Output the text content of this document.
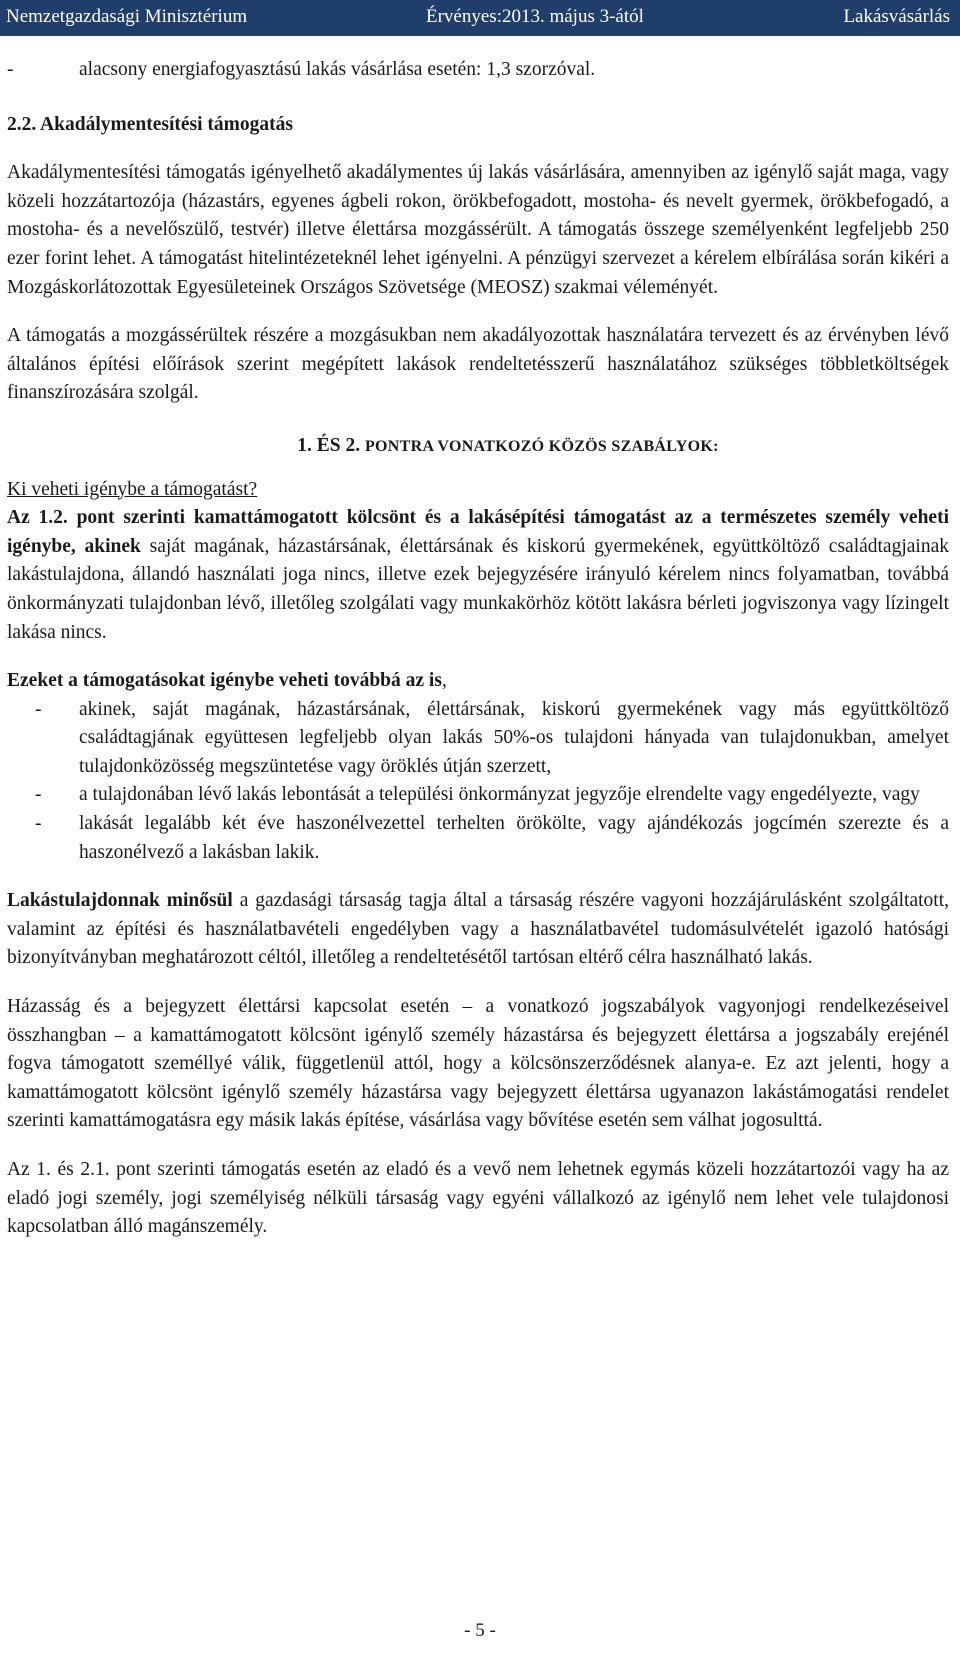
Nemzetgazdasági Minisztérium	Érvényes:2013. május 3-ától	Lakásvásárlás
-	alacsony energiafogyasztású lakás vásárlása esetén: 1,3 szorzóval.

2.2. Akadálymentesítési támogatás

Akadálymentesítési támogatás igényelhető akadálymentes új lakás vásárlására, amennyiben az igénylő saját maga, vagy közeli hozzátartozója (házastárs, egyenes ágbeli rokon, örökbefogadott, mostoha- és nevelt gyermek, örökbefogadó, a mostoha- és a nevelőszülő, testvér) illetve élettársa mozgássérült. A támogatás összege személyenként legfeljebb 250 ezer forint lehet. A támogatást hitelintézeteknél lehet igényelni. A pénzügyi szervezet a kérelem elbírálása során kikéri a Mozgáskorlátozottak Egyesületeinek Országos Szövetsége (MEOSZ) szakmai véleményét.

A támogatás a mozgássérültek részére a mozgásukban nem akadályozottak használatára tervezett és az érvényben lévő általános építési előírások szerint megépített lakások rendeltetésszerű használatához szükséges többletköltségek finanszírozására szolgál.

1. ÉS 2. PONTRA VONATKOZÓ KÖZÖS SZABÁLYOK:

Ki veheti igénybe a támogatást?

Az 1.2. pont szerinti kamattámogatott kölcsönt és a lakásépítési támogatást az a természetes személy veheti igénybe, akinek saját magának, házastársának, élettársának és kiskorú gyermekének, együttköltöző családtagjainak lakástulajdona, állandó használati joga nincs, illetve ezek bejegyzésére irányuló kérelem nincs folyamatban, továbbá önkormányzati tulajdonban lévő, illetőleg szolgálati vagy munkakörhöz kötött lakásra bérleti jogviszonya vagy lízingelt lakása nincs.

Ezeket a támogatásokat igénybe veheti továbbá az is,

- akinek, saját magának, házastársának, élettársának, kiskorú gyermekének vagy más együttköltöző családtagjának együttesen legfeljebb olyan lakás 50%-os tulajdoni hányada van tulajdonukban, amelyet tulajdonközösség megszüntetése vagy öröklés útján szerzett,
- a tulajdonában lévő lakás lebontását a települési önkormányzat jegyzője elrendelte vagy engedélyezte, vagy
- lakását legalább két éve haszonélvezettel terhelten örökölte, vagy ajándékozás jogcímén szerezte és a haszonélvező a lakásban lakik.

Lakástulajdonnak minősül a gazdasági társaság tagja által a társaság részére vagyoni hozzájárulásként szolgáltatott, valamint az építési és használatbavételi engedélyben vagy a használatbavétel tudomásulvételét igazoló hatósági bizonyítványban meghatározott céltól, illetőleg a rendeltetésétől tartósan eltérő célra használható lakás.

Házasság és a bejegyzett élettársi kapcsolat esetén – a vonatkozó jogszabályok vagyonjogi rendelkezéseivel összhangban – a kamattámogatott kölcsönt igénylő személy házastársa és bejegyzett élettársa a jogszabály erejénél fogva támogatott személlyé válik, függetlenül attól, hogy a kölcsönszerződésnek alanya-e. Ez azt jelenti, hogy a kamattámogatott kölcsönt igénylő személy házastársa vagy bejegyzett élettársa ugyanazon lakástámogatási rendelet szerinti kamattámogatásra egy másik lakás építése, vásárlása vagy bővítése esetén sem válhat jogosulttá.

Az 1. és 2.1. pont szerinti támogatás esetén az eladó és a vevő nem lehetnek egymás közeli hozzátartozói vagy ha az eladó jogi személy, jogi személyiség nélküli társaság vagy egyéni vállalkozó az igénylő nem lehet vele tulajdonosi kapcsolatban álló magánszemély.

- 5 -
